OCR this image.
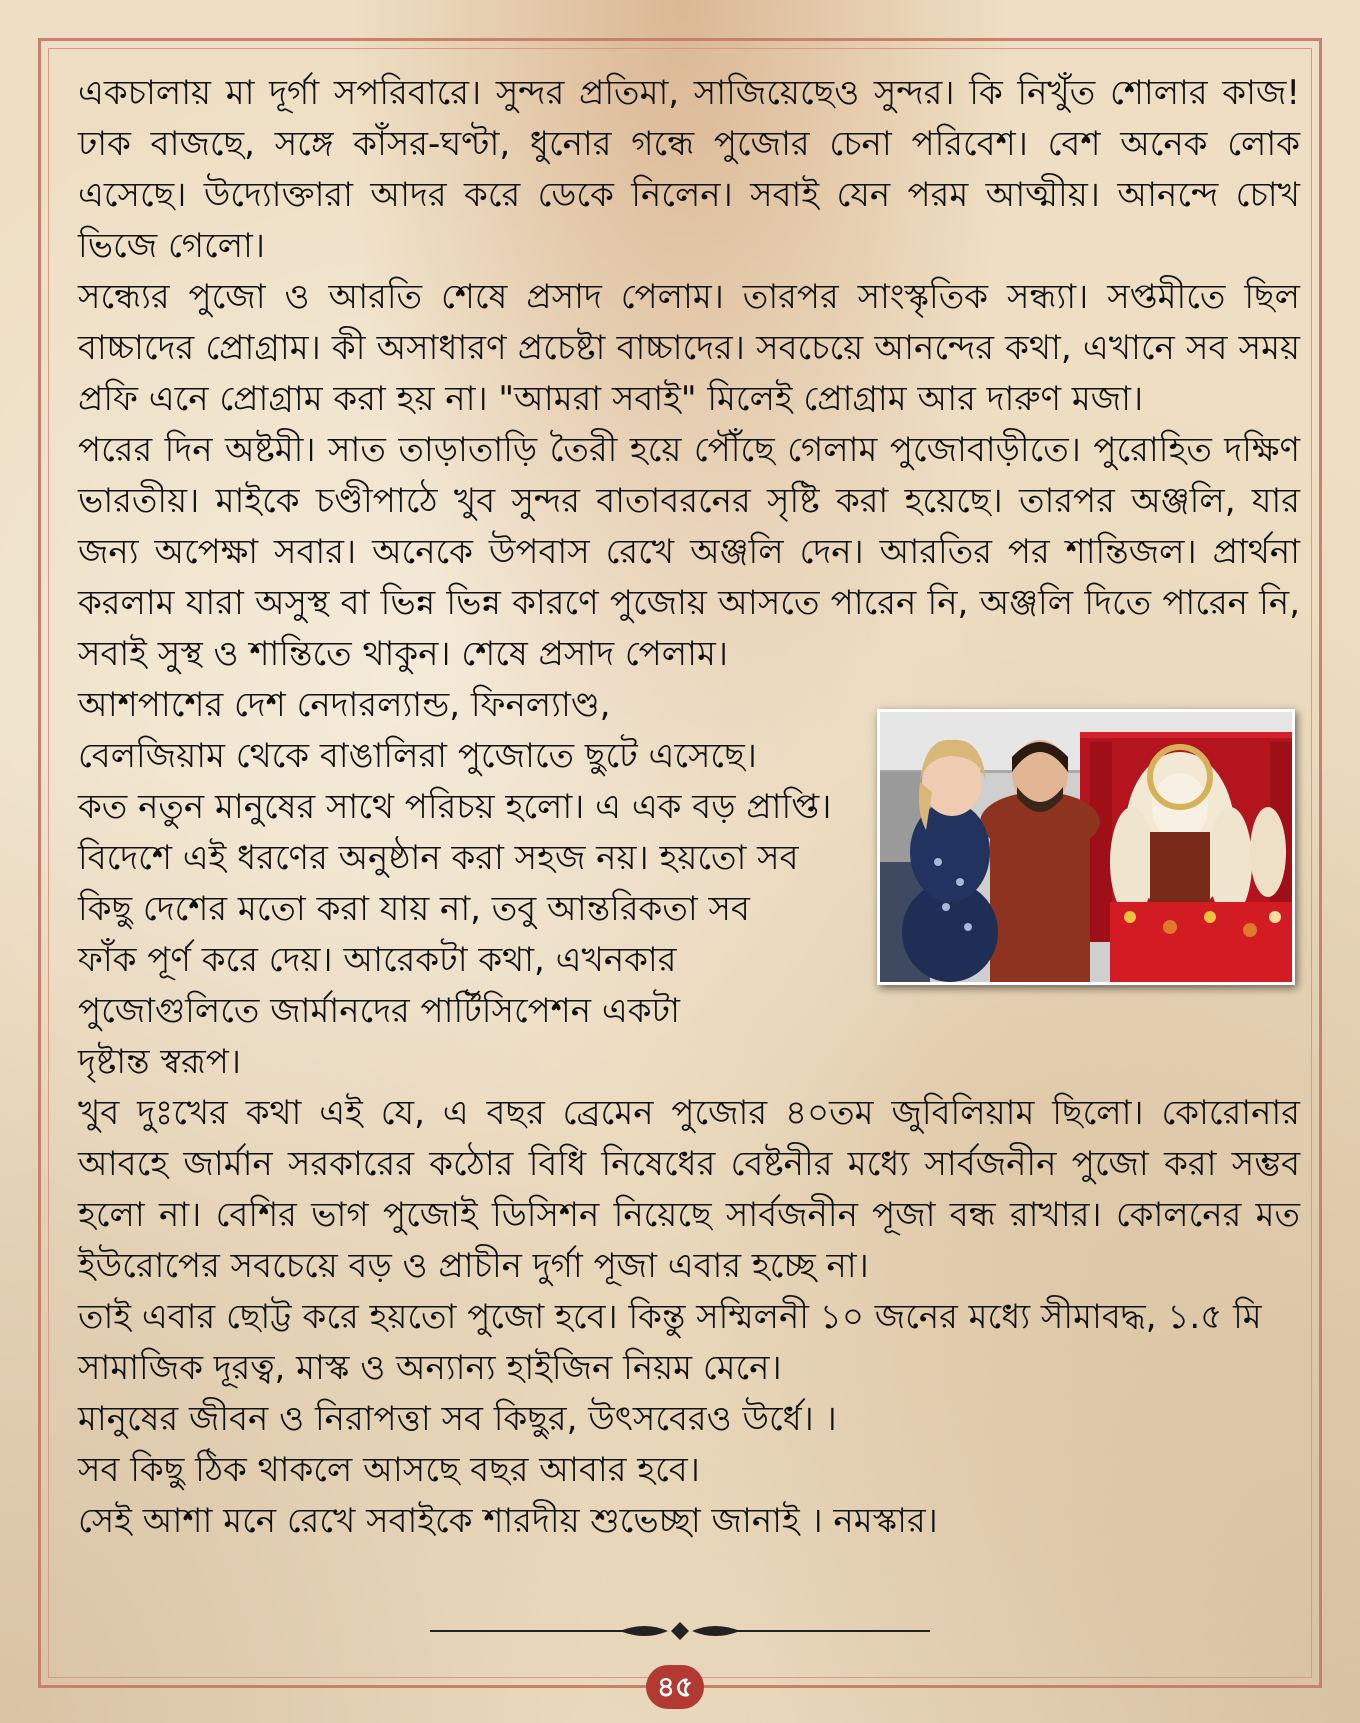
একচালায় মা দূর্গা সপরিবারে। সুন্দর প্রতিমা, সাজিয়েছেও সুন্দর। কি নিখুঁত শোলার কাজ! ঢাক বাজছে, সঙ্গে কাঁসর-ঘণ্টা, ধুনোর গন্ধে পুজোর চেনা পরিবেশ। বেশ অনেক লোক এসেছে। উদ্যোক্তারা আদর করে ডেকে নিলেন। সবাই যেন পরম আত্মীয়। আনন্দে চোখ ভিজে গেলো।

সন্ধ্যের পুজো ও আরতি শেষে প্রসাদ পেলাম। তারপর সাংস্কৃতিক সন্ধ্যা। সপ্তমীতে ছিল বাচ্চাদের প্রোগ্রাম। কী অসাধারণ প্রচেষ্টা বাচ্চাদের। সবচেয়ে আনন্দের কথা, এখানে সব সময় প্রফি এনে প্রোগ্রাম করা হয় না। "আমরা সবাই" মিলেই প্রোগ্রাম আর দারুণ মজা।

পরের দিন অষ্টমী। সাত তাড়াতাড়ি তৈরী হয়ে পৌঁছে গেলাম পুজোবাড়ীতে। পুরোহিত দক্ষিণ ভারতীয়। মাইকে চণ্ডীপাঠে খুব সুন্দর বাতাবরনের সৃষ্টি করা হয়েছে। তারপর অঞ্জলি, যার জন্য অপেক্ষা সবার। অনেকে উপবাস রেখে অঞ্জলি দেন। আরতির পর শান্তিজল। প্রার্থনা করলাম যারা অসুস্থ বা ভিন্ন ভিন্ন কারণে পুজোয় আসতে পারেন নি, অঞ্জলি দিতে পারেন নি, সবাই সুস্থ ও শান্তিতে থাকুন। শেষে প্রসাদ পেলাম।

আশপাশের দেশ নেদারল্যান্ড, ফিনল্যাণ্ড,
বেলজিয়াম থেকে বাঙালিরা পুজোতে ছুটে এসেছে।
কত নতুন মানুষের সাথে পরিচয় হলো। এ এক বড় প্রাপ্তি।
বিদেশে এই ধরণের অনুষ্ঠান করা সহজ নয়। হয়তো সব
কিছু দেশের মতো করা যায় না, তবু আন্তরিকতা সব
ফাঁক পূর্ণ করে দেয়। আরেকটা কথা, এখনকার
পুজোগুলিতে জার্মানদের পার্টিসিপেশন একটা
দৃষ্টান্ত স্বরূপ।

খুব দুঃখের কথা এই যে, এ বছর ব্রেমেন পুজোর ৪০তম জুবিলিয়াম ছিলো। কোরোনার আবহে জার্মান সরকারের কঠোর বিধি নিষেধের বেষ্টনীর মধ্যে সার্বজনীন পুজো করা সম্ভব হলো না। বেশির ভাগ পুজোই ডিসিশন নিয়েছে সার্বজনীন পূজা বন্ধ রাখার। কোলনের মত ইউরোপের সবচেয়ে বড় ও প্রাচীন দুর্গা পূজা এবার হচ্ছে না।

তাই এবার ছোট্ট করে হয়তো পুজো হবে। কিন্তু সম্মিলনী ১০ জনের মধ্যে সীমাবদ্ধ, ১.৫ মি সামাজিক দূরত্ব, মাস্ক ও অন্যান্য হাইজিন নিয়ম মেনে।

মানুষের জীবন ও নিরাপত্তা সব কিছুর, উৎসবেরও উর্ধে। ।

সব কিছু ঠিক থাকলে আসছে বছর আবার হবে।

সেই আশা মনে রেখে সবাইকে শারদীয় শুভেচ্ছা জানাই । নমস্কার।

৪৫
